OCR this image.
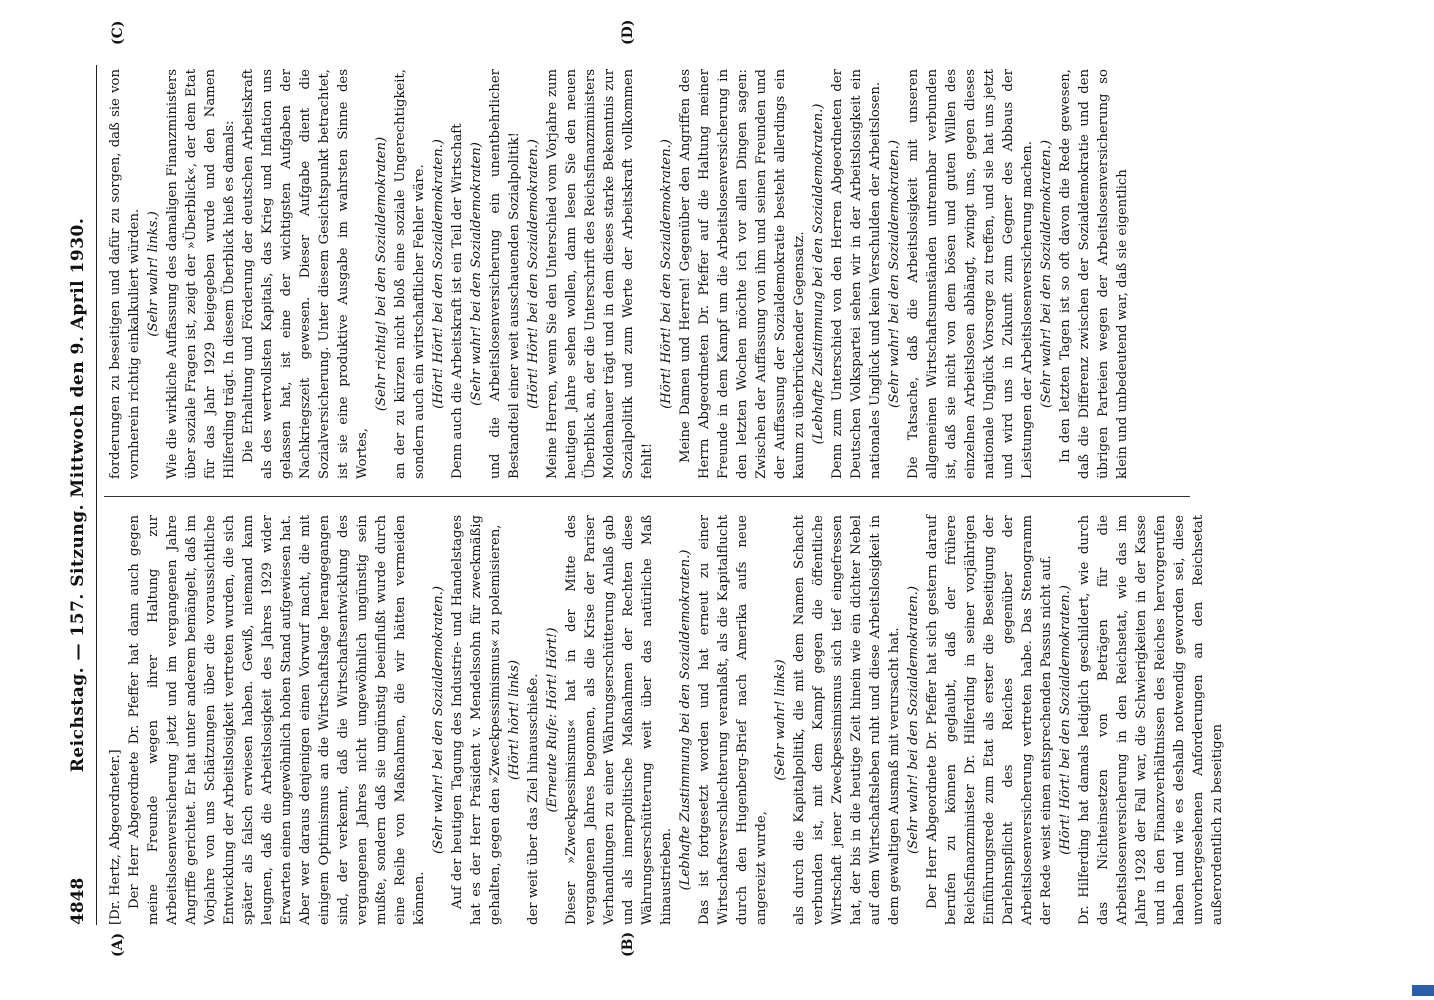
4848
Reichstag. — 157. Sitzung. Mittwoch den 9. April 1930.
(A)	(B)
(C)	(D)

[Dr. Hertz, Abgeordneter.] Der Herr Abgeordnete Dr. Pfeffer hat dann auch gegen meine Freunde wegen ihrer Haltung zur Arbeitslosenversicherung jetzt und im vergangenen Jahre Angriffe gerichtet. Er hat unter anderem bemängelt, daß im Vorjahre von uns Schätzungen über die voraussichtliche Entwicklung der Arbeitslosigkeit vertreten wurden, die sich später als falsch erwiesen haben. Gewiß, niemand kann leugnen, daß die Arbeitslosigkeit des Jahres 1929 wider Erwarten einen ungewöhnlich hohen Stand aufgewiesen hat. Aber wer daraus denjenigen einen Vorwurf macht, die mit einigem Optimismus an die Wirtschaftslage herangegangen sind, der verkennt, daß die Wirtschaftsentwicklung des vergangenen Jahres nicht ungewöhnlich ungünstig sein mußte, sondern daß sie ungünstig beeinflußt wurde durch eine Reihe von Maßnahmen, die wir hätten vermeiden können.

(Sehr wahr! bei den Sozialdemokraten.) Auf der heutigen Tagung des Industrie- und Handelstages hat es der Herr Präsident v. Mendelssohn für zweckmäßig gehalten, gegen den »Zweckpessimismus« zu polemisieren, (Hört! hört! links) der weit über das Ziel hinausschieße. (Erneute Rufe: Hört! Hört!) Dieser »Zweckpessimismus« hat in der Mitte des vergangenen Jahres begonnen, als die Krise der Pariser Verhandlungen zu einer Währungserschütterung Anlaß gab und als innerpolitische Maßnahmen der Rechten diese Währungserschütterung weit über das natürliche Maß hinaustrieben. (Lebhafte Zustimmung bei den Sozialdemokraten.) Das ist fortgesetzt worden und hat erneut zu einer Wirtschaftsverschlechterung veranlaßt, als die Kapitalflucht durch den Hugenberg-Brief nach Amerika aufs neue angereizt wurde,

(Sehr wahr! links) als durch die Kapitalpolitik, die mit dem Namen Schacht verbunden ist, mit dem Kampf gegen die öffentliche Wirtschaft jener Zweckpessimismus sich tief eingefressen hat, der bis in die heutige Zeit hinein wie ein dichter Nebel auf dem Wirtschaftsleben ruht und diese Arbeitslosigkeit in dem gewaltigen Ausmaß mit verursacht hat. (Sehr wahr! bei den Sozialdemokraten.) Der Herr Abgeordnete Dr. Pfeffer hat sich gestern darauf berufen zu können geglaubt, daß der frühere Reichsfinanzminister Dr. Hilferding in seiner vorjährigen Einführungsrede zum Etat als erster die Beseitigung der Darlehnspflicht des Reiches gegenüber der Arbeitslosenversicherung vertreten habe. Das Stenogramm der Rede weist einen entsprechenden Passus nicht auf. (Hört! Hört! bei den Sozialdemokraten.) Dr. Hilferding hat damals lediglich geschildert, wie durch das Nichteinsetzen von Beträgen für die Arbeitslosenversicherung in den Reichsetat, wie das im Jahre 1928 der Fall war, die Schwierigkeiten in der Kasse und in den Finanzverhältnissen des Reiches hervorgerufen haben und wie es deshalb notwendig geworden sei, diese unvorhergesehenen Anforderungen an den Reichsetat außerordentlich zu beseitigen

forderungen zu beseitigen und dafür zu sorgen, daß sie von vornherein richtig einkalkuliert würden. (Sehr wahr! links.) Wie die wirkliche Auffassung des damaligen Finanzministers über soziale Fragen ist, zeigt der »Überblick«, der dem Etat für das Jahr 1929 beigegeben wurde und den Namen Hilferding trägt. In diesem Überblick hieß es damals: Die Erhaltung und Förderung der deutschen Arbeitskraft als des wertvollsten Kapitals, das Krieg und Inflation uns gelassen hat, ist eine der wichtigsten Aufgaben der Nachkriegszeit gewesen. Dieser Aufgabe dient die Sozialversicherung. Unter diesem Gesichtspunkt betrachtet, ist sie eine produktive Ausgabe im wahrsten Sinne des Wortes,

(Sehr richtig! bei den Sozialdemokraten) an der zu kürzen nicht bloß eine soziale Ungerechtigkeit, sondern auch ein wirtschaftlicher Fehler wäre. (Hört! Hört! bei den Sozialdemokraten.) Denn auch die Arbeitskraft ist ein Teil der Wirtschaft (Sehr wahr! bei den Sozialdemokraten) und die Arbeitslosenversicherung ein unentbehrlicher Bestandteil einer weit ausschauenden Sozialpolitik! (Hört! Hört! bei den Sozialdemokraten.) Meine Herren, wenn Sie den Unterschied vom Vorjahre zum heutigen Jahre sehen wollen, dann lesen Sie den neuen Überblick an, der die Unterschrift des Reichsfinanzministers Moldenhauer trägt und in dem dieses starke Bekenntnis zur Sozialpolitik und zum Werte der Arbeitskraft vollkommen fehlt!

(Hört! Hört! bei den Sozialdemokraten.) Meine Damen und Herren! Gegenüber den Angriffen des Herrn Abgeordneten Dr. Pfeffer auf die Haltung meiner Freunde in dem Kampf um die Arbeitslosenversicherung in den letzten Wochen möchte ich vor allen Dingen sagen: Zwischen der Auffassung von ihm und seinen Freunden und der Auffassung der Sozialdemokratie besteht allerdings ein kaum zu überbrückender Gegensatz. (Lebhafte Zustimmung bei den Sozialdemokraten.) Denn zum Unterschied von den Herren Abgeordneten der Deutschen Volkspartei sehen wir in der Arbeitslosigkeit ein nationales Unglück und kein Verschulden der Arbeitslosen. (Sehr wahr! bei den Sozialdemokraten.) Die Tatsache, daß die Arbeitslosigkeit mit unseren allgemeinen Wirtschaftsumständen untrennbar verbunden ist, daß sie nicht von dem bösen und guten Willen des einzelnen Arbeitslosen abhängt, zwingt uns, gegen dieses nationale Unglück Vorsorge zu treffen, und sie hat uns jetzt und wird uns in Zukunft zum Gegner des Abbaus der Leistungen der Arbeitslosenversicherung machen. (Sehr wahr! bei den Sozialdemokraten.) In den letzten Tagen ist so oft davon die Rede gewesen, daß die Differenz zwischen der Sozialdemokratie und den übrigen Parteien wegen der Arbeitslosenversicherung so klein und unbedeutend war, daß sie eigentlich
